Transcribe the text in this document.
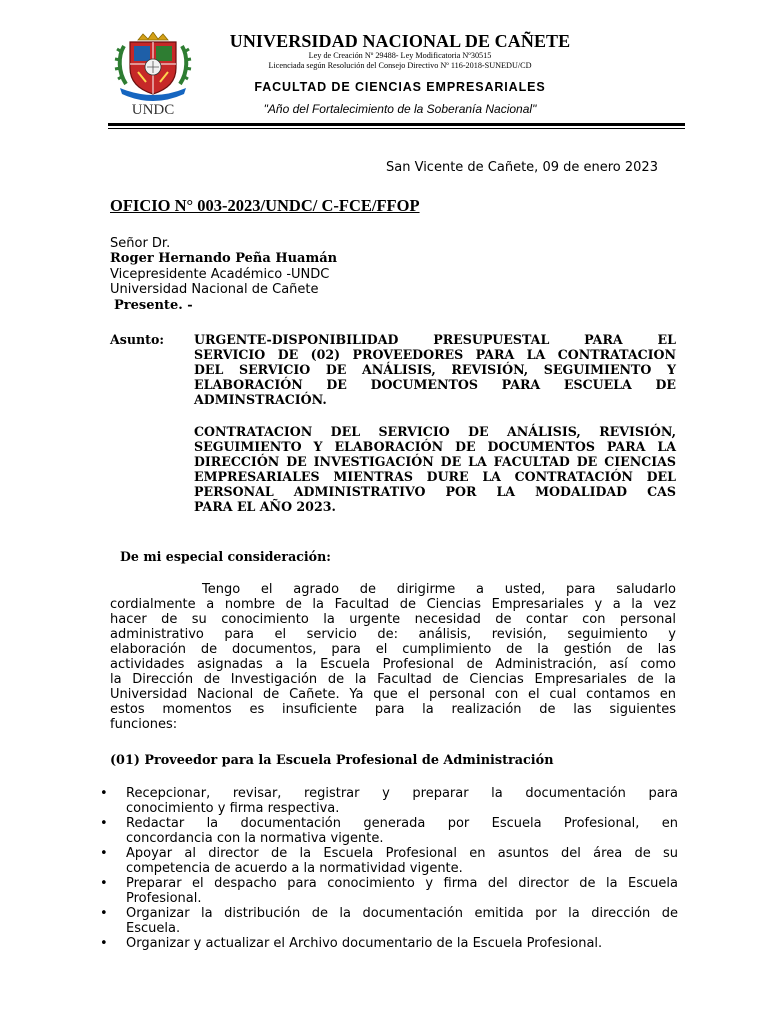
UNDC
UNIVERSIDAD NACIONAL DE CAÑETE
Ley de Creación Nº 29488- Ley Modificatoria Nº30515
Licenciada según Resolución del Consejo Directivo Nº 116-2018-SUNEDU/CD
FACULTAD DE CIENCIAS EMPRESARIALES
"Año del Fortalecimiento de la Soberanía Nacional"
San Vicente de Cañete, 09 de enero 2023
OFICIO N° 003-2023/UNDC/ C-FCE/FFOP
Señor Dr.
Roger Hernando Peña Huamán
Vicepresidente Académico -UNDC
Universidad Nacional de Cañete
Presente. -
Asunto: URGENTE-DISPONIBILIDAD PRESUPUESTAL PARA EL
SERVICIO DE (02) PROVEEDORES PARA LA CONTRATACION
DEL SERVICIO DE ANÁLISIS, REVISIÓN, SEGUIMIENTO Y
ELABORACIÓN DE DOCUMENTOS PARA ESCUELA DE
ADMINSTRACIÓN.
CONTRATACION DEL SERVICIO DE ANÁLISIS, REVISIÓN,
SEGUIMIENTO Y ELABORACIÓN DE DOCUMENTOS PARA LA
DIRECCIÓN DE INVESTIGACIÓN DE LA FACULTAD DE CIENCIAS
EMPRESARIALES MIENTRAS DURE LA CONTRATACIÓN DEL
PERSONAL ADMINISTRATIVO POR LA MODALIDAD CAS
PARA EL AÑO 2023.
De mi especial consideración:
Tengo el agrado de dirigirme a usted, para saludarlo
cordialmente a nombre de la Facultad de Ciencias Empresariales y a la vez
hacer de su conocimiento la urgente necesidad de contar con personal
administrativo para el servicio de: análisis, revisión, seguimiento y
elaboración de documentos, para el cumplimiento de la gestión de las
actividades asignadas a la Escuela Profesional de Administración, así como
la Dirección de Investigación de la Facultad de Ciencias Empresariales de la
Universidad Nacional de Cañete. Ya que el personal con el cual contamos en
estos momentos es insuficiente para la realización de las siguientes
funciones:
(01) Proveedor para la Escuela Profesional de Administración
•	Recepcionar, revisar, registrar y preparar la documentación para
conocimiento y firma respectiva.
•	Redactar la documentación generada por Escuela Profesional, en
concordancia con la normativa vigente.
•	Apoyar al director de la Escuela Profesional en asuntos del área de su
competencia de acuerdo a la normatividad vigente.
•	Preparar el despacho para conocimiento y firma del director de la Escuela
Profesional.
•	Organizar la distribución de la documentación emitida por la dirección de
Escuela.
•	Organizar y actualizar el Archivo documentario de la Escuela Profesional.
